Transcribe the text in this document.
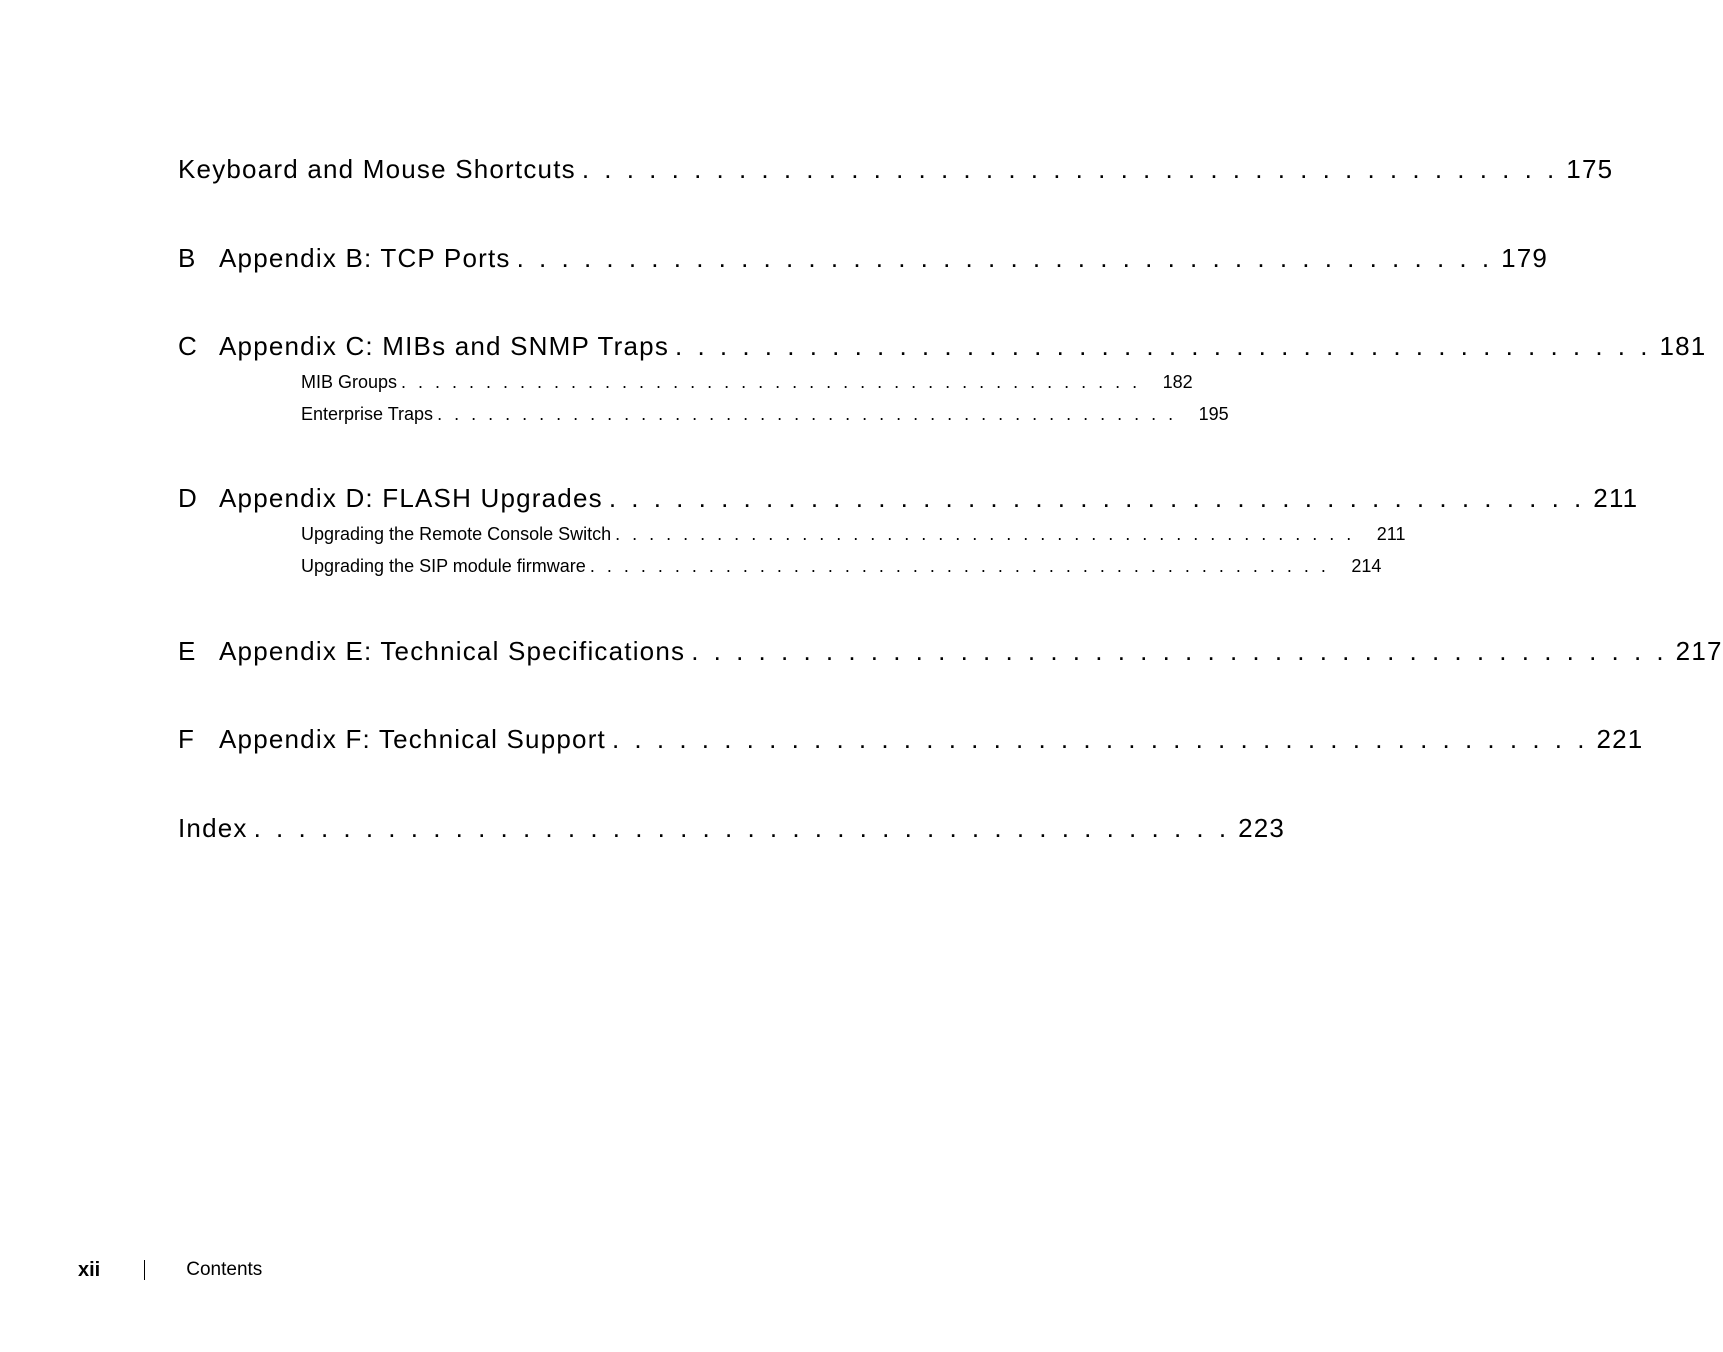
Keyboard and Mouse Shortcuts . . . . . . . . . . . . . . . . . . . . . . . . . . . . . . . . . . . . . . . . . . . . 175
B Appendix B: TCP Ports . . . . . . . . . . . . . . . . . . . . . . . . . . . . . . . . . . . . . . . . . . . . 179
C Appendix C: MIBs and SNMP Traps . . . . . . . . . . . . . . . . . . . . . . . . . . . . . . . . . . . . . . . . . . . . 181
MIB Groups . . . . . . . . . . . . . . . . . . . . . . . . . . . . . . . . . . . . . . . . . . . . 182
Enterprise Traps . . . . . . . . . . . . . . . . . . . . . . . . . . . . . . . . . . . . . . . . . . . . 195
D Appendix D: FLASH Upgrades . . . . . . . . . . . . . . . . . . . . . . . . . . . . . . . . . . . . . . . . . . . . 211
Upgrading the Remote Console Switch . . . . . . . . . . . . . . . . . . . . . . . . . . . . . . . . . . . . . . . . . . . . 211
Upgrading the SIP module firmware . . . . . . . . . . . . . . . . . . . . . . . . . . . . . . . . . . . . . . . . . . . . 214
E Appendix E: Technical Specifications . . . . . . . . . . . . . . . . . . . . . . . . . . . . . . . . . . . . . . . . . . . . 217
F Appendix F: Technical Support . . . . . . . . . . . . . . . . . . . . . . . . . . . . . . . . . . . . . . . . . . . . 221
Index . . . . . . . . . . . . . . . . . . . . . . . . . . . . . . . . . . . . . . . . . . . . 223
xii	Contents
